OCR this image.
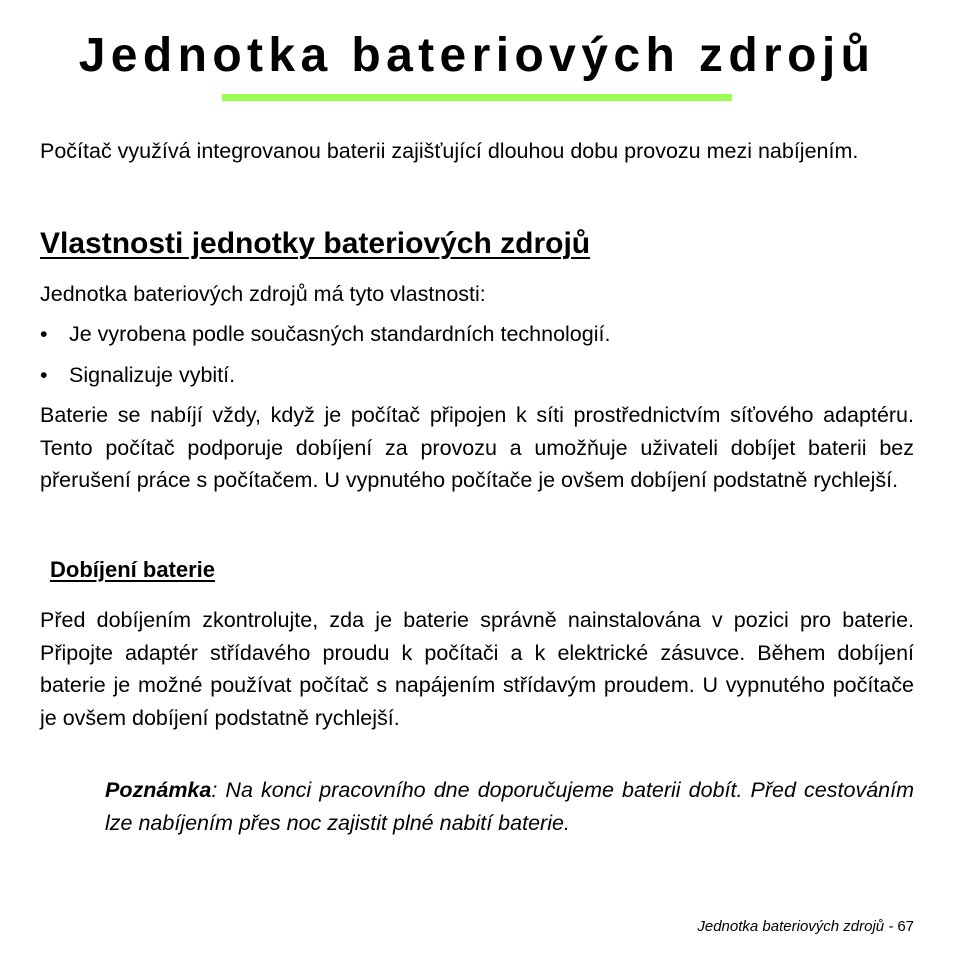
Jednotka bateriových zdrojů

Počítač využívá integrovanou baterii zajišťující dlouhou dobu provozu mezi nabíjením.

Vlastnosti jednotky bateriových zdrojů

Jednotka bateriových zdrojů má tyto vlastnosti:

• Je vyrobena podle současných standardních technologií.
• Signalizuje vybití.

Baterie se nabíjí vždy, když je počítač připojen k síti prostřednictvím síťového adaptéru. Tento počítač podporuje dobíjení za provozu a umožňuje uživateli dobíjet baterii bez přerušení práce s počítačem. U vypnutého počítače je ovšem dobíjení podstatně rychlejší.

Dobíjení baterie

Před dobíjením zkontrolujte, zda je baterie správně nainstalována v pozici pro baterie. Připojte adaptér střídavého proudu k počítači a k elektrické zásuvce. Během dobíjení baterie je možné používat počítač s napájením střídavým proudem. U vypnutého počítače je ovšem dobíjení podstatně rychlejší.

Poznámka: Na konci pracovního dne doporučujeme baterii dobít. Před cestováním lze nabíjením přes noc zajistit plné nabití baterie.

Jednotka bateriových zdrojů - 67
